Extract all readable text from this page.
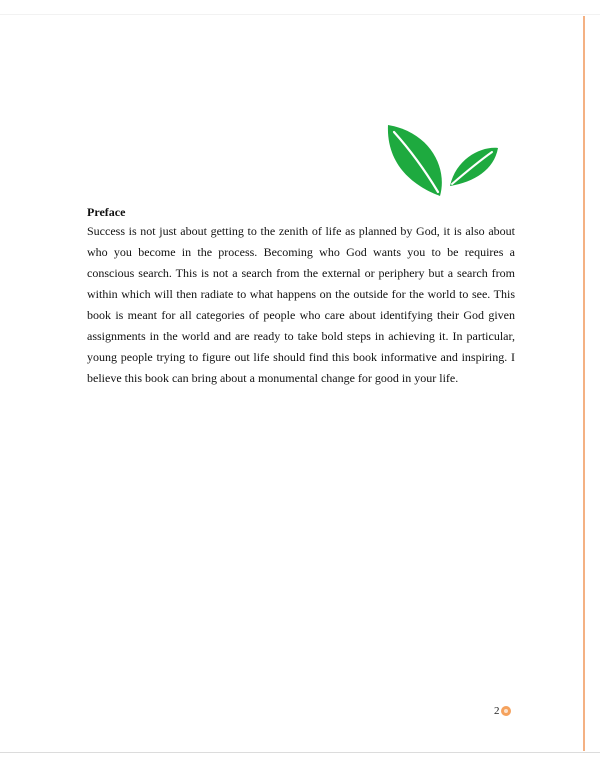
Preface

Success is not just about getting to the zenith of life as planned by God, it is also about who you become in the process. Becoming who God wants you to be requires a conscious search. This is not a search from the external or periphery but a search from within which will then radiate to what happens on the outside for the world to see. This book is meant for all categories of people who care about identifying their God given assignments in the world and are ready to take bold steps in achieving it. In particular, young people trying to figure out life should find this book informative and inspiring. I believe this book can bring about a monumental change for good in your life.

2
